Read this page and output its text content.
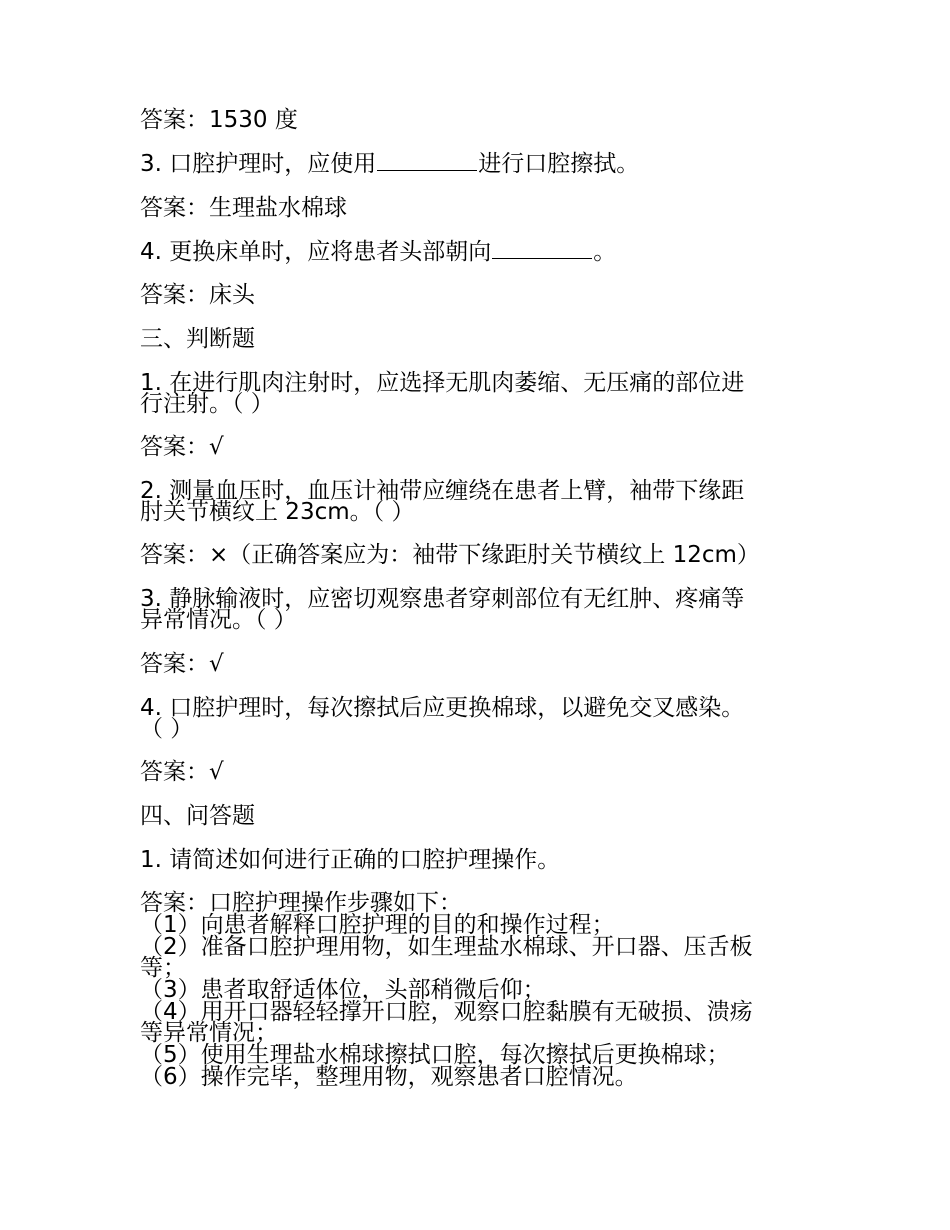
答案：1530 度
3. 口腔护理时，应使用	进行口腔擦拭。
答案：生理盐水棉球
4. 更换床单时，应将患者头部朝向	。
答案：床头
三、判断题
1. 在进行肌肉注射时，应选择无肌肉萎缩、无压痛的部位进
行注射。（ ）
答案：√
2. 测量血压时，血压计袖带应缠绕在患者上臂，袖带下缘距
肘关节横纹上 23cm。（ ）
答案：×（正确答案应为：袖带下缘距肘关节横纹上 12cm）
3. 静脉输液时，应密切观察患者穿刺部位有无红肿、疼痛等
异常情况。（ ）
答案：√
4. 口腔护理时，每次擦拭后应更换棉球，以避免交叉感染。
（ ）
答案：√
四、问答题
1. 请简述如何进行正确的口腔护理操作。
答案：口腔护理操作步骤如下：
（1）向患者解释口腔护理的目的和操作过程；
（2）准备口腔护理用物，如生理盐水棉球、开口器、压舌板
等；
（3）患者取舒适体位，头部稍微后仰；
（4）用开口器轻轻撑开口腔，观察口腔黏膜有无破损、溃疡
等异常情况；
（5）使用生理盐水棉球擦拭口腔，每次擦拭后更换棉球；
（6）操作完毕，整理用物，观察患者口腔情况。
